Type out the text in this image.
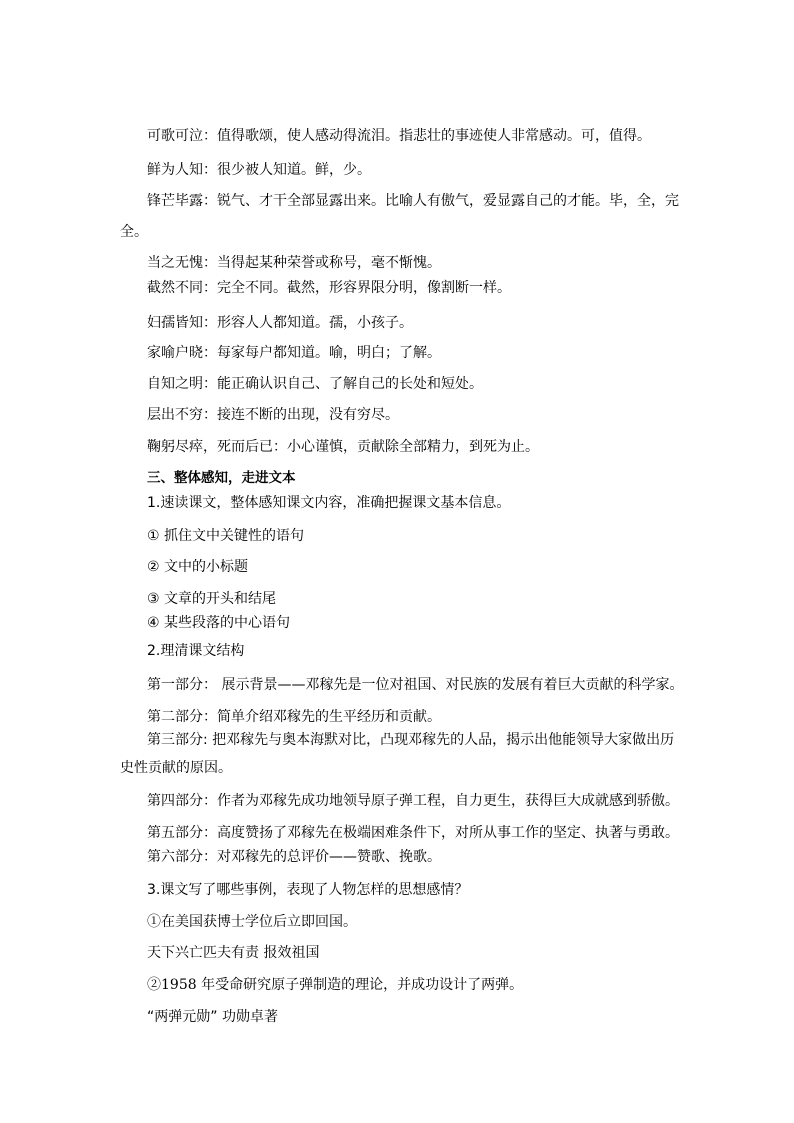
可歌可泣：值得歌颂，使人感动得流泪。指悲壮的事迹使人非常感动。可，值得。

鲜为人知：很少被人知道。鲜，少。

锋芒毕露：锐气、才干全部显露出来。比喻人有傲气，爱显露自己的才能。毕，全，完

全。

当之无愧：当得起某种荣誉或称号，毫不惭愧。

截然不同：完全不同。截然，形容界限分明，像割断一样。

妇孺皆知：形容人人都知道。孺，小孩子。

家喻户晓：每家每户都知道。喻，明白；了解。

自知之明：能正确认识自己、了解自己的长处和短处。

层出不穷：接连不断的出现，没有穷尽。

鞠躬尽瘁，死而后已：小心谨慎，贡献除全部精力，到死为止。

三、整体感知，走进文本

1.速读课文，整体感知课文内容，准确把握课文基本信息。

① 抓住文中关键性的语句

② 文中的小标题

③ 文章的开头和结尾

④ 某些段落的中心语句

2.理清课文结构

第一部分： 展示背景——邓稼先是一位对祖国、对民族的发展有着巨大贡献的科学家。

第二部分：简单介绍邓稼先的生平经历和贡献。

第三部分: 把邓稼先与奥本海默对比，凸现邓稼先的人品，揭示出他能领导大家做出历

史性贡献的原因。

第四部分：作者为邓稼先成功地领导原子弹工程，自力更生，获得巨大成就感到骄傲。

第五部分：高度赞扬了邓稼先在极端困难条件下，对所从事工作的坚定、执著与勇敢。

第六部分：对邓稼先的总评价——赞歌、挽歌。

3.课文写了哪些事例，表现了人物怎样的思想感情？

①在美国获博士学位后立即回国。

天下兴亡匹夫有责 报效祖国

②1958 年受命研究原子弹制造的理论，并成功设计了两弹。

“两弹元勋” 功勋卓著
